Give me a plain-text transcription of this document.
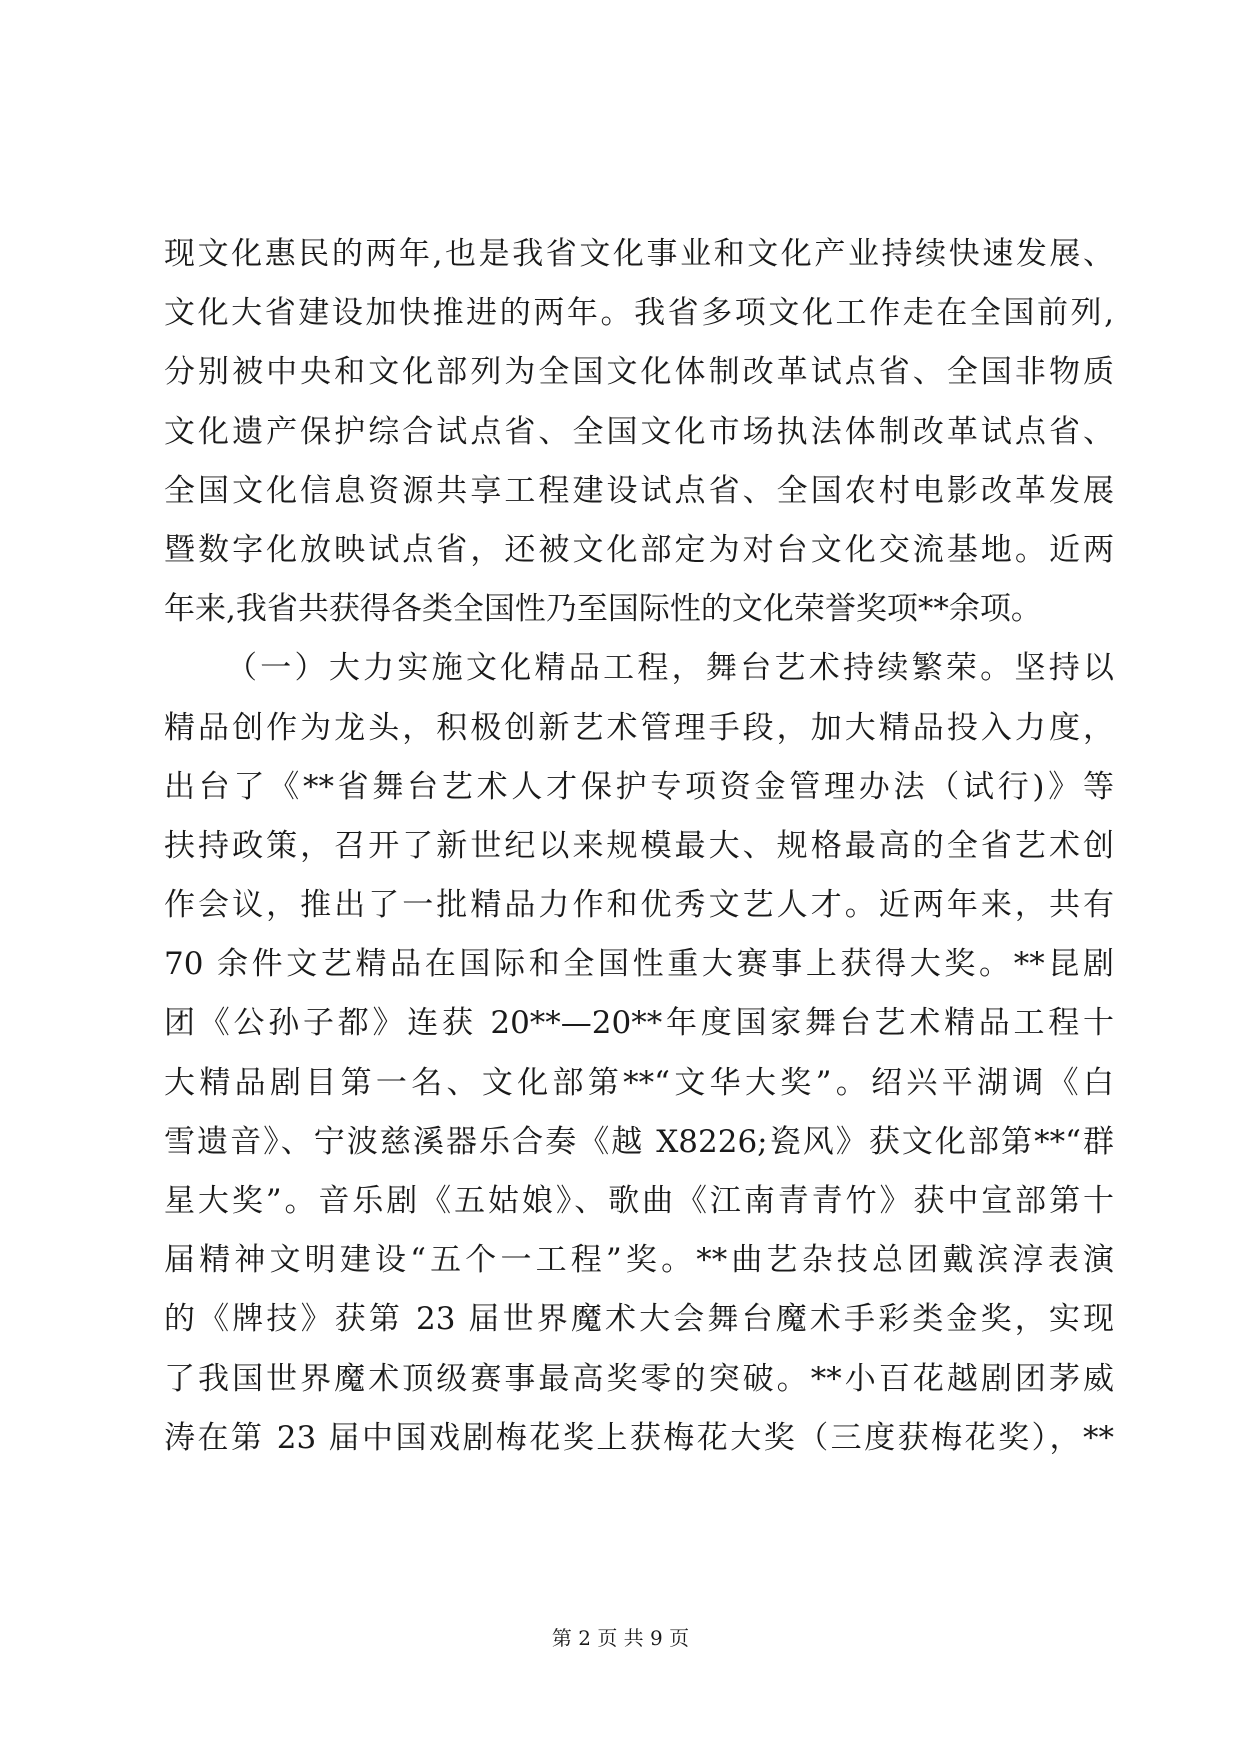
现文化惠民的两年,也是我省文化事业和文化产业持续快速发展、
文化大省建设加快推进的两年。我省多项文化工作走在全国前列,
分别被中央和文化部列为全国文化体制改革试点省、全国非物质
文化遗产保护综合试点省、全国文化市场执法体制改革试点省、
全国文化信息资源共享工程建设试点省、全国农村电影改革发展
暨数字化放映试点省，还被文化部定为对台文化交流基地。近两
年来,我省共获得各类全国性乃至国际性的文化荣誉奖项**余项。
（一）大力实施文化精品工程，舞台艺术持续繁荣。坚持以
精品创作为龙头，积极创新艺术管理手段，加大精品投入力度，
出台了《**省舞台艺术人才保护专项资金管理办法（试行)》等
扶持政策，召开了新世纪以来规模最大、规格最高的全省艺术创
作会议，推出了一批精品力作和优秀文艺人才。近两年来，共有
70 余件文艺精品在国际和全国性重大赛事上获得大奖。**昆剧
团《公孙子都》连获 20**—20**年度国家舞台艺术精品工程十
大精品剧目第一名、文化部第**“文华大奖”。绍兴平湖调《白
雪遗音》、宁波慈溪器乐合奏《越 X8226;瓷风》获文化部第**“群
星大奖”。音乐剧《五姑娘》、歌曲《江南青青竹》获中宣部第十
届精神文明建设“五个一工程”奖。**曲艺杂技总团戴滨淳表演
的《牌技》获第 23 届世界魔术大会舞台魔术手彩类金奖，实现
了我国世界魔术顶级赛事最高奖零的突破。**小百花越剧团茅威
涛在第 23 届中国戏剧梅花奖上获梅花大奖（三度获梅花奖），**
第 2 页 共 9 页
